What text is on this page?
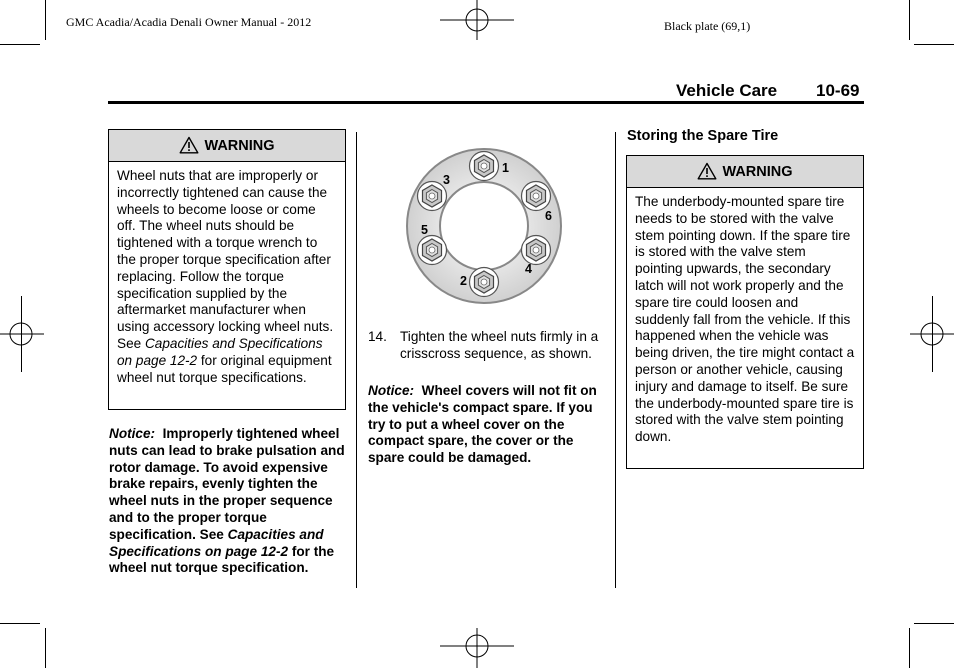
GMC Acadia/Acadia Denali Owner Manual - 2012	Black plate (69,1)
Vehicle Care 10-69
WARNING
Wheel nuts that are improperly or incorrectly tightened can cause the wheels to become loose or come off. The wheel nuts should be tightened with a torque wrench to the proper torque specification after replacing. Follow the torque specification supplied by the aftermarket manufacturer when using accessory locking wheel nuts. See Capacities and Specifications on page 12-2 for original equipment wheel nut torque specifications.
Notice: Improperly tightened wheel nuts can lead to brake pulsation and rotor damage. To avoid expensive brake repairs, evenly tighten the wheel nuts in the proper sequence and to the proper torque specification. See Capacities and Specifications on page 12-2 for the wheel nut torque specification.
1
2
3
4
5
6
14. Tighten the wheel nuts firmly in a crisscross sequence, as shown.
Notice: Wheel covers will not fit on the vehicle's compact spare. If you try to put a wheel cover on the compact spare, the cover or the spare could be damaged.
Storing the Spare Tire
WARNING
The underbody-mounted spare tire needs to be stored with the valve stem pointing down. If the spare tire is stored with the valve stem pointing upwards, the secondary latch will not work properly and the spare tire could loosen and suddenly fall from the vehicle. If this happened when the vehicle was being driven, the tire might contact a person or another vehicle, causing injury and damage to itself. Be sure the underbody-mounted spare tire is stored with the valve stem pointing down.
